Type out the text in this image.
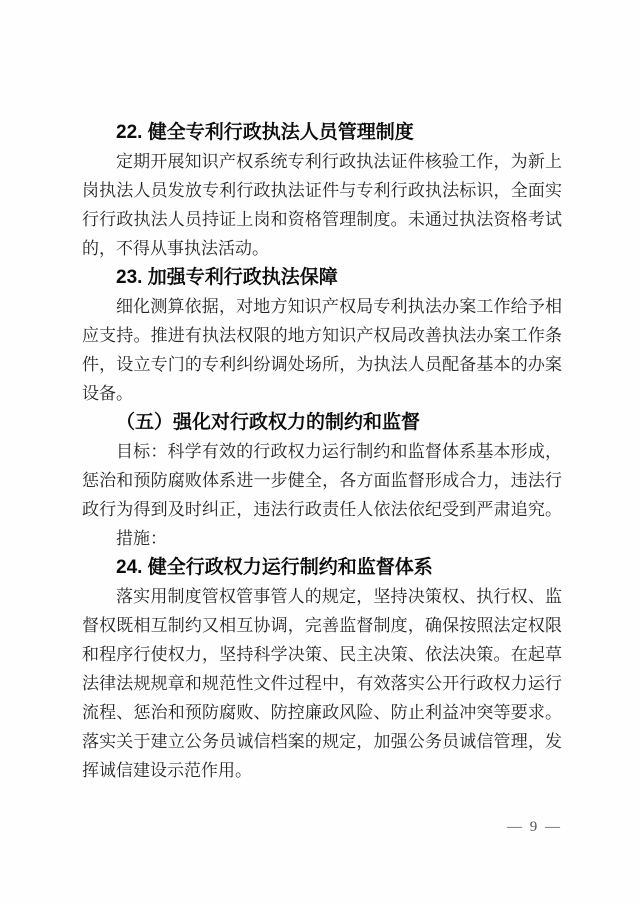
22. 健全专利行政执法人员管理制度
定期开展知识产权系统专利行政执法证件核验工作，为新上
岗执法人员发放专利行政执法证件与专利行政执法标识，全面实
行行政执法人员持证上岗和资格管理制度。未通过执法资格考试
的，不得从事执法活动。
23. 加强专利行政执法保障
细化测算依据，对地方知识产权局专利执法办案工作给予相
应支持。推进有执法权限的地方知识产权局改善执法办案工作条
件，设立专门的专利纠纷调处场所，为执法人员配备基本的办案
设备。
（五）强化对行政权力的制约和监督
目标：科学有效的行政权力运行制约和监督体系基本形成，
惩治和预防腐败体系进一步健全，各方面监督形成合力，违法行
政行为得到及时纠正，违法行政责任人依法依纪受到严肃追究。
措施：
24. 健全行政权力运行制约和监督体系
落实用制度管权管事管人的规定，坚持决策权、执行权、监
督权既相互制约又相互协调，完善监督制度，确保按照法定权限
和程序行使权力，坚持科学决策、民主决策、依法决策。在起草
法律法规规章和规范性文件过程中，有效落实公开行政权力运行
流程、惩治和预防腐败、防控廉政风险、防止利益冲突等要求。
落实关于建立公务员诚信档案的规定，加强公务员诚信管理，发
挥诚信建设示范作用。
— 9 —
